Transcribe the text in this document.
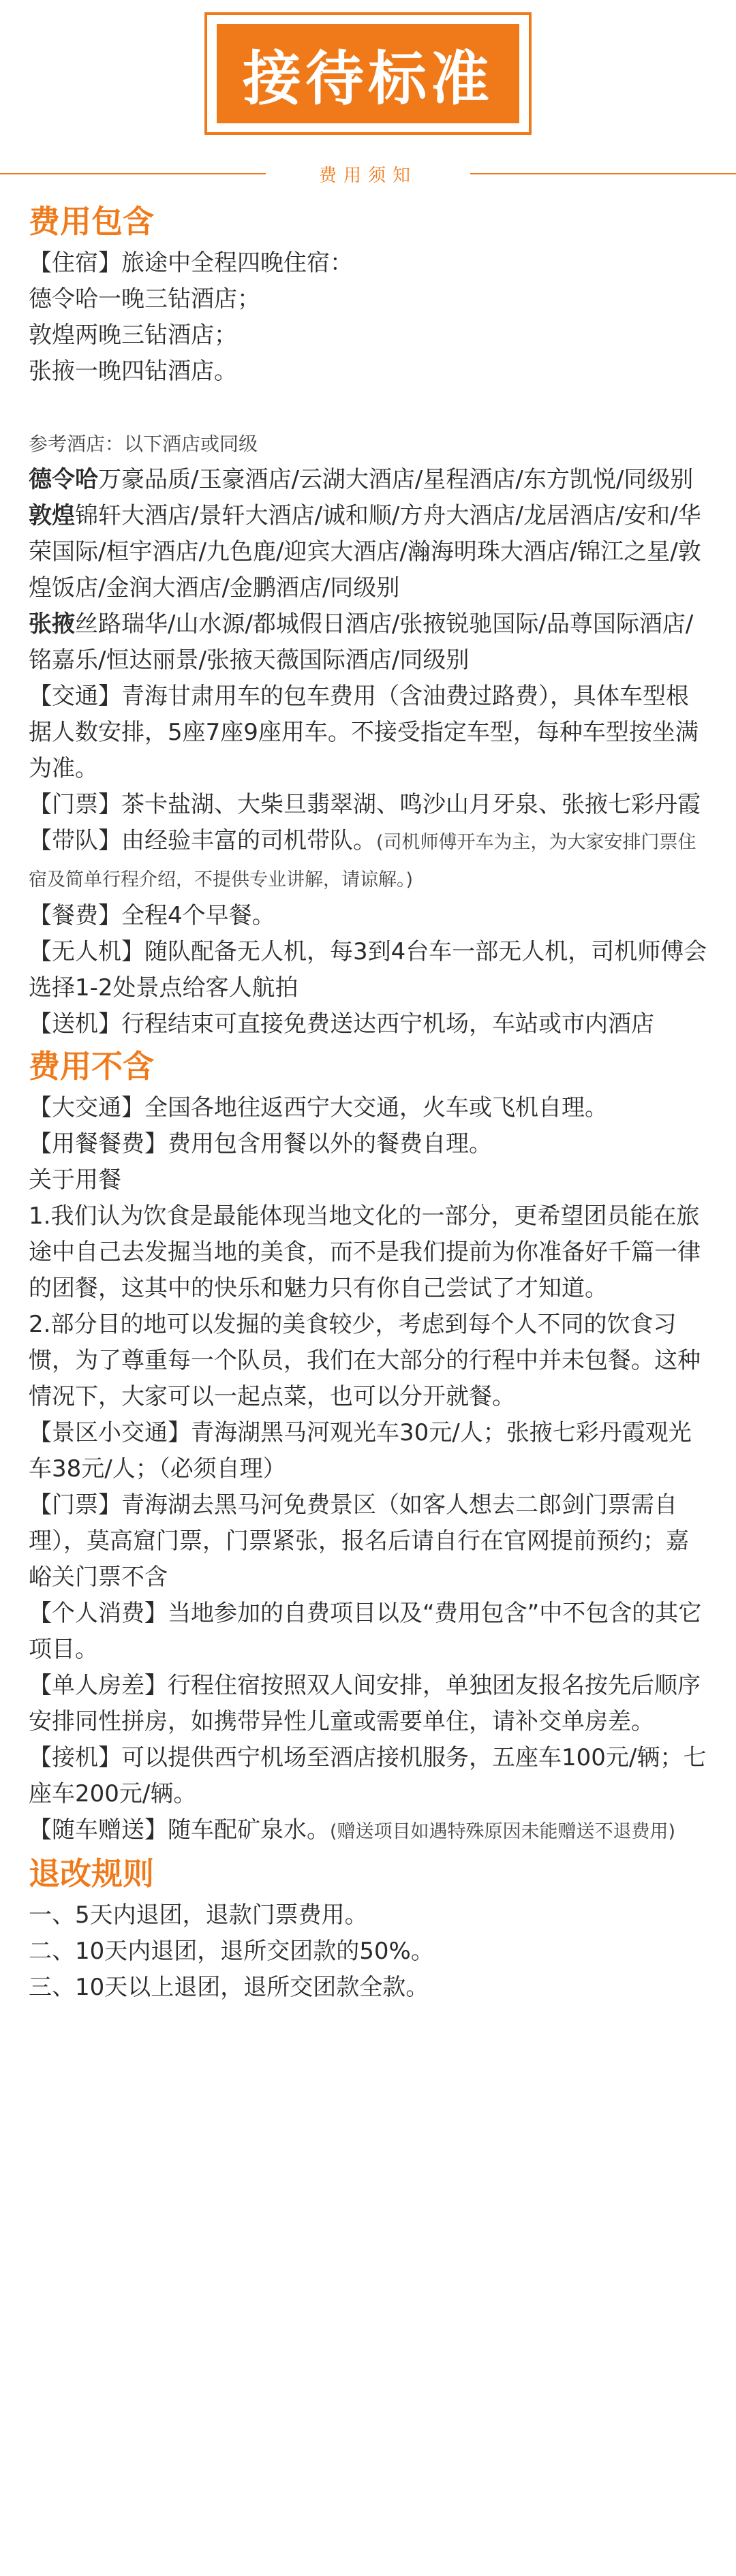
接待标准
费用须知
费用包含

【住宿】旅途中全程四晚住宿：

德令哈一晚三钻酒店；

敦煌两晚三钻酒店；

张掖一晚四钻酒店。

参考酒店：以下酒店或同级

德令哈万豪品质/玉豪酒店/云湖大酒店/星程酒店/东方凯悦/同级别

敦煌锦轩大酒店/景轩大酒店/诚和顺/方舟大酒店/龙居酒店/安和/华荣国际/桓宇酒店/九色鹿/迎宾大酒店/瀚海明珠大酒店/锦江之星/敦煌饭店/金润大酒店/金鹏酒店/同级别

张掖丝路瑞华/山水源/都城假日酒店/张掖锐驰国际/品尊国际酒店/铭嘉乐/恒达丽景/张掖天薇国际酒店/同级别

【交通】青海甘肃用车的包车费用（含油费过路费），具体车型根据人数安排，5座7座9座用车。不接受指定车型，每种车型按坐满为准。

【门票】茶卡盐湖、大柴旦翡翠湖、鸣沙山月牙泉、张掖七彩丹霞

【带队】由经验丰富的司机带队。(司机师傅开车为主，为大家安排门票住宿及简单行程介绍，不提供专业讲解，请谅解。)

【餐费】全程4个早餐。

【无人机】随队配备无人机，每3到4台车一部无人机，司机师傅会选择1-2处景点给客人航拍

【送机】行程结束可直接免费送达西宁机场，车站或市内酒店

费用不含

【大交通】全国各地往返西宁大交通，火车或飞机自理。

【用餐餐费】费用包含用餐以外的餐费自理。

关于用餐

1.我们认为饮食是最能体现当地文化的一部分，更希望团员能在旅途中自己去发掘当地的美食，而不是我们提前为你准备好千篇一律的团餐，这其中的快乐和魅力只有你自己尝试了才知道。

2.部分目的地可以发掘的美食较少，考虑到每个人不同的饮食习惯，为了尊重每一个队员，我们在大部分的行程中并未包餐。这种情况下，大家可以一起点菜，也可以分开就餐。

【景区小交通】青海湖黑马河观光车30元/人；张掖七彩丹霞观光车38元/人；（必须自理）

【门票】青海湖去黑马河免费景区（如客人想去二郎剑门票需自理），莫高窟门票，门票紧张，报名后请自行在官网提前预约；嘉峪关门票不含

【个人消费】当地参加的自费项目以及“费用包含”中不包含的其它项目。

【单人房差】行程住宿按照双人间安排，单独团友报名按先后顺序安排同性拼房，如携带异性儿童或需要单住，请补交单房差。

【接机】可以提供西宁机场至酒店接机服务，五座车100元/辆；七座车200元/辆。

【随车赠送】随车配矿泉水。(赠送项目如遇特殊原因未能赠送不退费用)

退改规则

一、5天内退团，退款门票费用。

二、10天内退团，退所交团款的50%。

三、10天以上退团，退所交团款全款。
